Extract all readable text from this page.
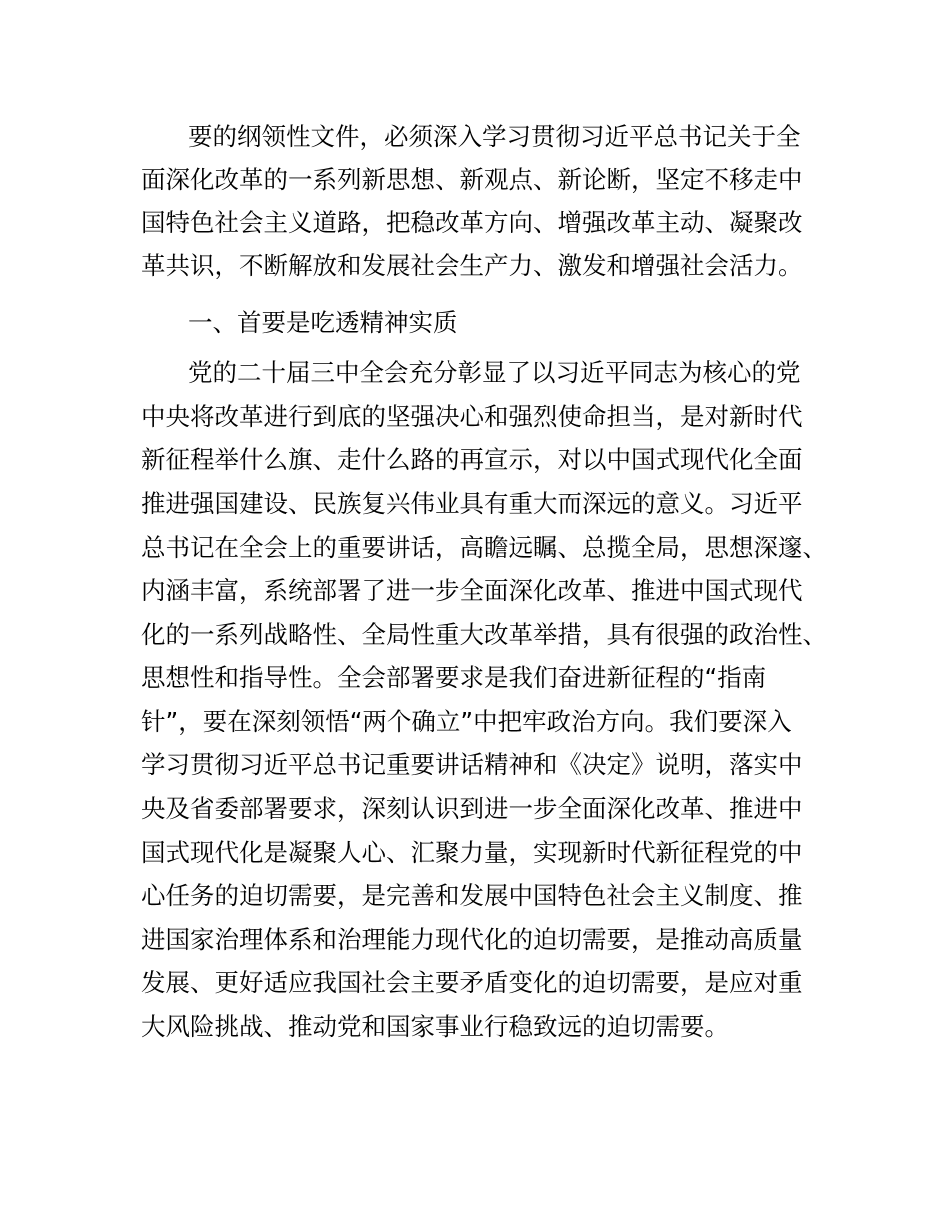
要的纲领性文件，必须深入学习贯彻习近平总书记关于全
面深化改革的一系列新思想、新观点、新论断，坚定不移走中
国特色社会主义道路，把稳改革方向、增强改革主动、凝聚改
革共识，不断解放和发展社会生产力、激发和增强社会活力。
一、首要是吃透精神实质
党的二十届三中全会充分彰显了以习近平同志为核心的党
中央将改革进行到底的坚强决心和强烈使命担当，是对新时代
新征程举什么旗、走什么路的再宣示，对以中国式现代化全面
推进强国建设、民族复兴伟业具有重大而深远的意义。习近平
总书记在全会上的重要讲话，高瞻远瞩、总揽全局，思想深邃、
内涵丰富，系统部署了进一步全面深化改革、推进中国式现代
化的一系列战略性、全局性重大改革举措，具有很强的政治性、
思想性和指导性。全会部署要求是我们奋进新征程的“指南
针”，要在深刻领悟“两个确立”中把牢政治方向。我们要深入
学习贯彻习近平总书记重要讲话精神和《决定》说明，落实中
央及省委部署要求，深刻认识到进一步全面深化改革、推进中
国式现代化是凝聚人心、汇聚力量，实现新时代新征程党的中
心任务的迫切需要，是完善和发展中国特色社会主义制度、推
进国家治理体系和治理能力现代化的迫切需要，是推动高质量
发展、更好适应我国社会主要矛盾变化的迫切需要，是应对重
大风险挑战、推动党和国家事业行稳致远的迫切需要。
